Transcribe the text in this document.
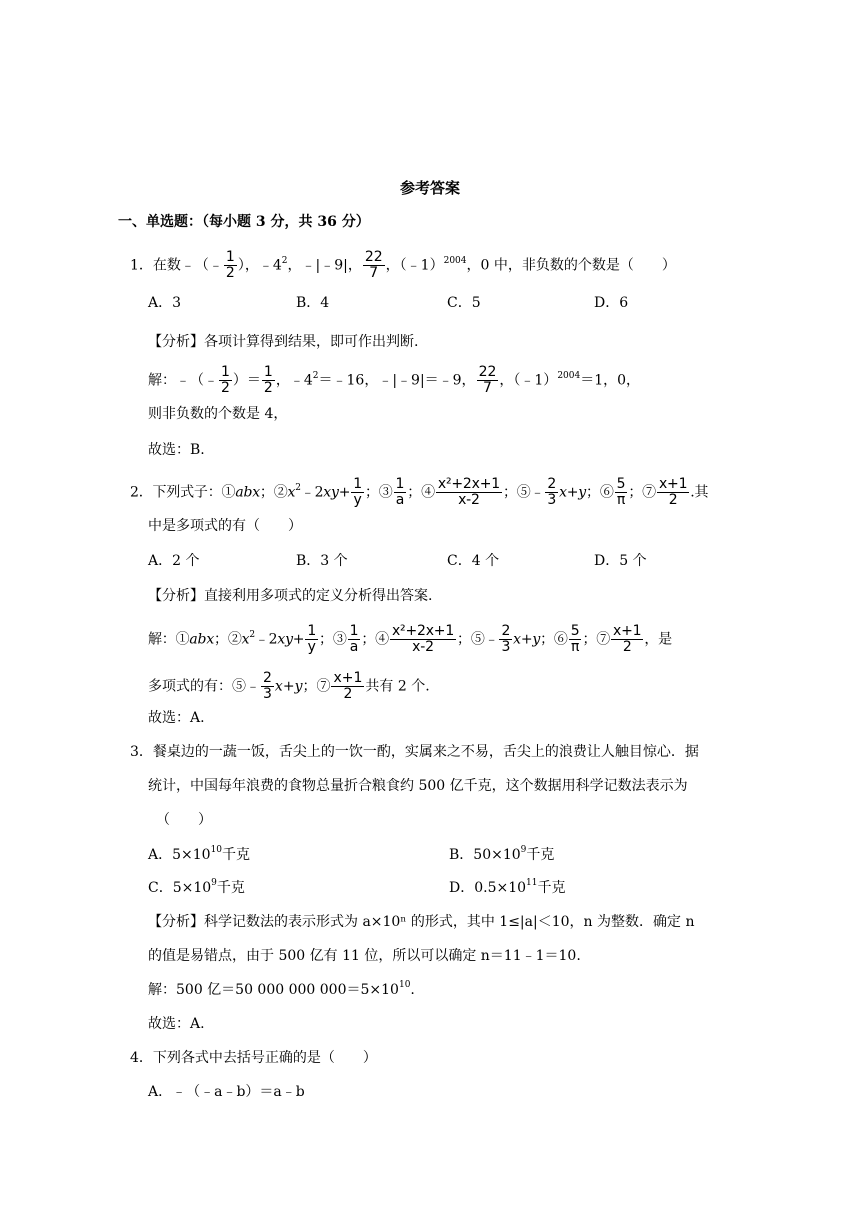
参考答案
一、单选题：（每小题 3 分，共 36 分）
1．在数﹣（﹣ $\frac{1}{2}$ ），$﹣4^2$，﹣|﹣9|， $\frac{22}{7}$ ，（﹣1）$^{2004}$，0 中，非负数的个数是（　　）
A．3	B．4	C．5	D．6
【分析】各项计算得到结果，即可作出判断.
解：﹣（﹣ $\frac{1}{2}$ ）＝ $\frac{1}{2}$ ，$﹣4^2=﹣16$，﹣|﹣9|＝﹣9， $\frac{22}{7}$ ，（﹣1）$^{2004}$＝1，0，
则非负数的个数是 4，
故选：B.
2．下列式子：①abx；$②x^2﹣2xy+ \frac{1}{y}$ ；③ $\frac{1}{a}$ ；④ $\frac{\text{x²+2x+1}}{x-2}$ ；⑤﹣ $\frac{2}{3} x+y$；⑥ $\frac{5}{\pi}$ ；⑦ $\frac{x+1}{2}$ .其
中是多项式的有（　　）
A．2 个	B．3 个	C．4 个	D．5 个
【分析】直接利用多项式的定义分析得出答案.
解：①abx；$②x^2﹣2xy+ \frac{1}{y}$ ；③ $\frac{1}{a}$ ；④ $\frac{\text{x²+2x+1}}{x-2}$ ；⑤﹣ $\frac{2}{3} x+y$；⑥ $\frac{5}{\pi}$ ；⑦ $\frac{x+1}{2}$ ，是
多项式的有：⑤﹣ $\frac{2}{3} x+y$；⑦ $\frac{x+1}{2}$ 共有 2 个.
故选：A.
3．餐桌边的一蔬一饭，舌尖上的一饮一酌，实属来之不易，舌尖上的浪费让人触目惊心．据
统计，中国每年浪费的食物总量折合粮食约 500 亿千克，这个数据用科学记数法表示为
（　　）
A．$5\times 10^{10}$千克	B．$50\times 10^9$千克
C．$5\times 10^9$千克	D．$0.5\times 10^{11}$千克
【分析】科学记数法的表示形式为 a×10ⁿ 的形式，其中 1≤|a|＜10，n 为整数．确定 n
的值是易错点，由于 500 亿有 11 位，所以可以确定 n＝11﹣1＝10.
解：500 亿＝50 000 000 $000=5\times 10^{10}$.
故选：A.
4．下列各式中去括号正确的是（　　）
A．﹣（﹣a﹣b）＝a﹣b
